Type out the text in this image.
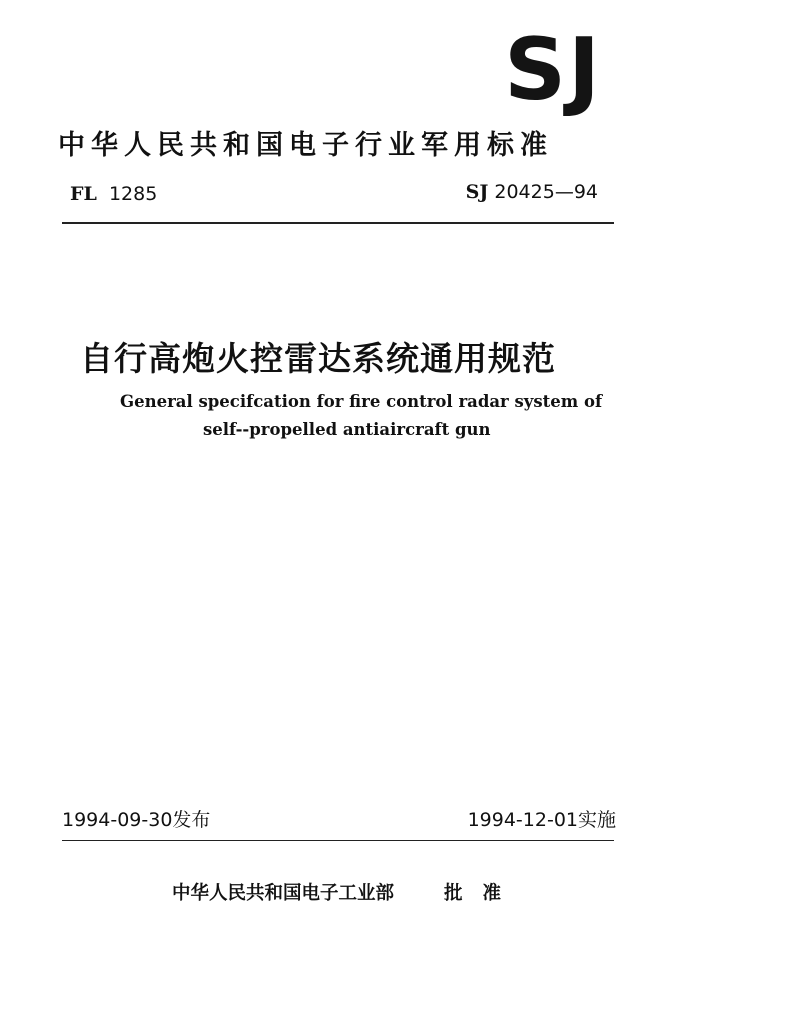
SJ
中华人民共和国电子行业军用标准
FL 1285	SJ 20425—94
自行高炮火控雷达系统通用规范
General specifcation for fire control radar system of
self--propelled antiaircraft gun
1994-09-30发布	1994-12-01实施
中华人民共和国电子工业部	批准
